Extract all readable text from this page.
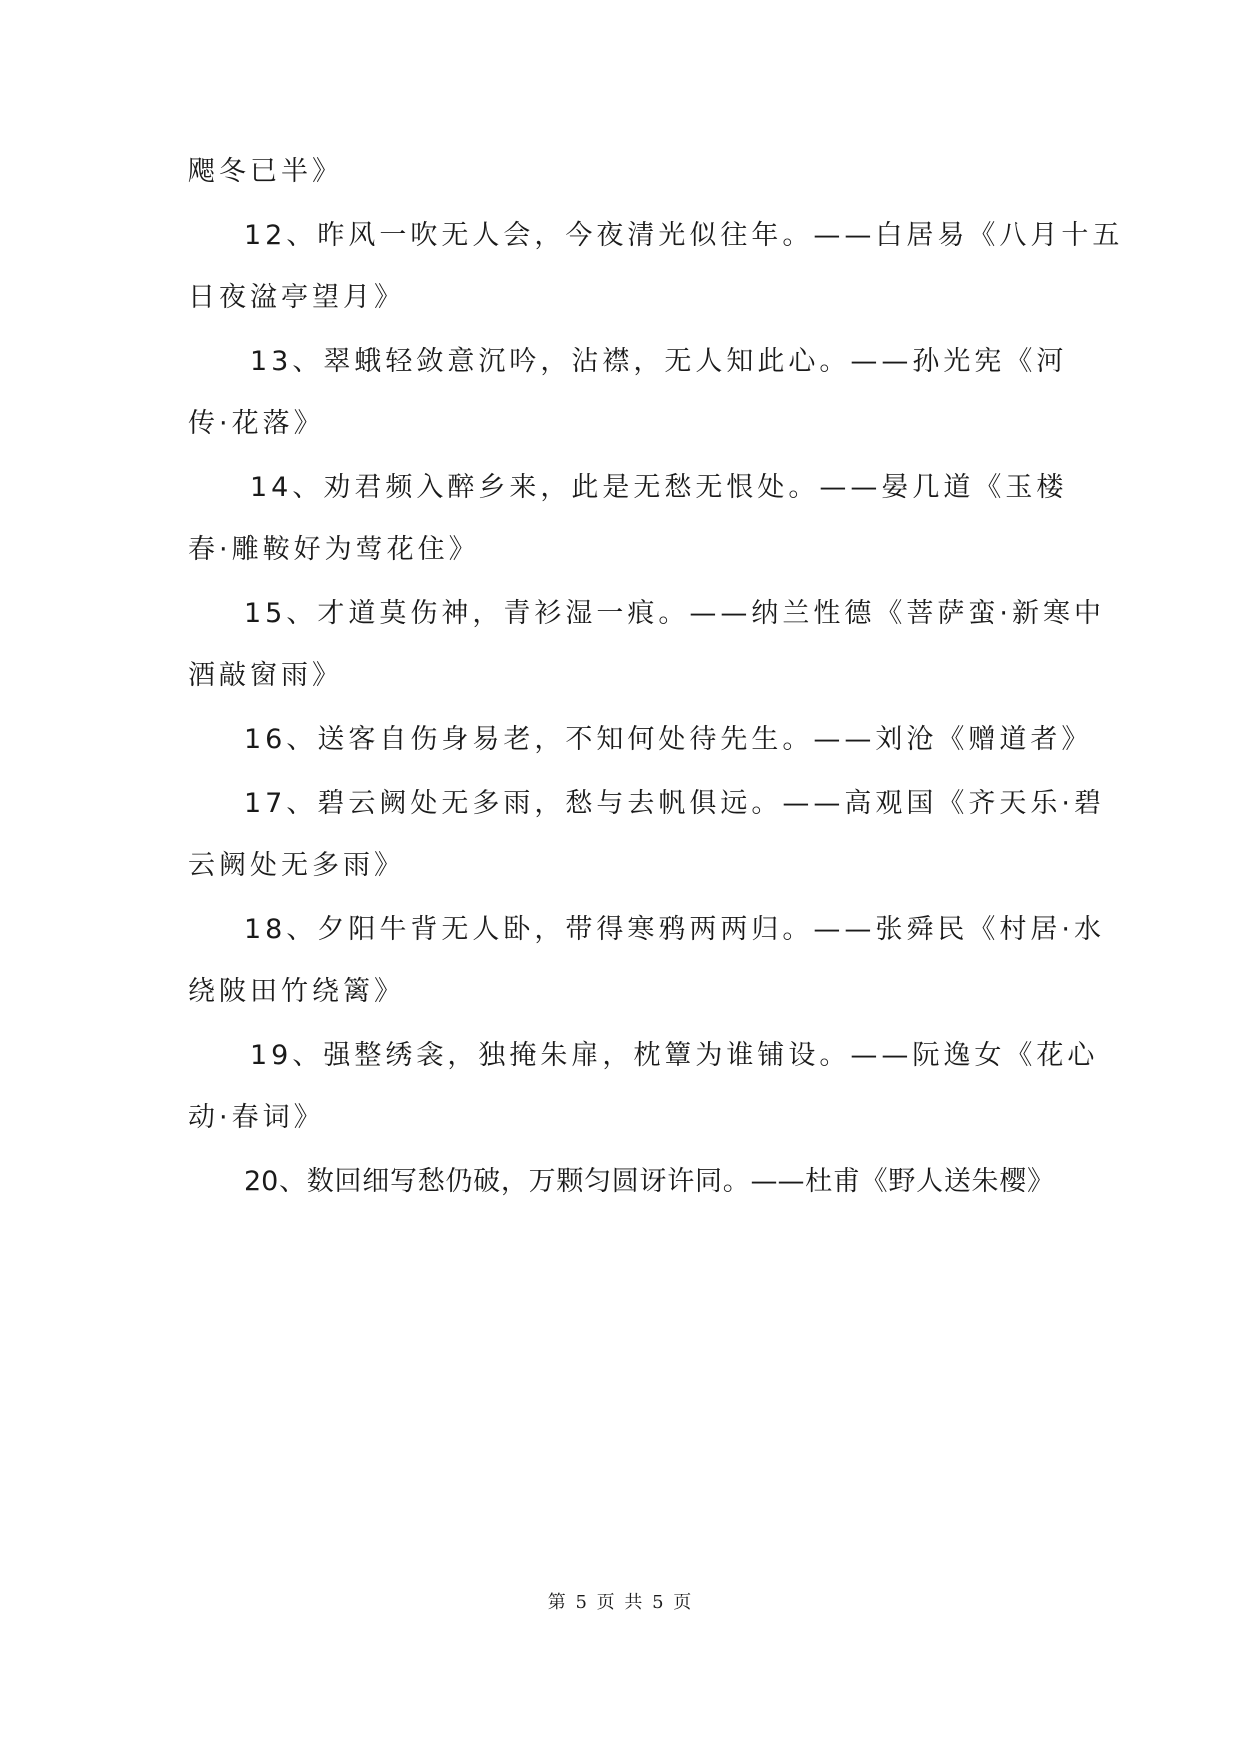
飔冬已半》
12、昨风一吹无人会，今夜清光似往年。——白居易《八月十五
日夜湓亭望月》
13、翠蛾轻敛意沉吟，沾襟，无人知此心。——孙光宪《河
传·花落》
14、劝君频入醉乡来，此是无愁无恨处。——晏几道《玉楼
春·雕鞍好为莺花住》
15、才道莫伤神，青衫湿一痕。——纳兰性德《菩萨蛮·新寒中
酒敲窗雨》
16、送客自伤身易老，不知何处待先生。——刘沧《赠道者》
17、碧云阙处无多雨，愁与去帆俱远。——高观国《齐天乐·碧
云阙处无多雨》
18、夕阳牛背无人卧，带得寒鸦两两归。——张舜民《村居·水
绕陂田竹绕篱》
19、强整绣衾，独掩朱扉，枕簟为谁铺设。——阮逸女《花心
动·春词》
20、数回细写愁仍破，万颗匀圆讶许同。——杜甫《野人送朱樱》
第 5 页 共 5 页
